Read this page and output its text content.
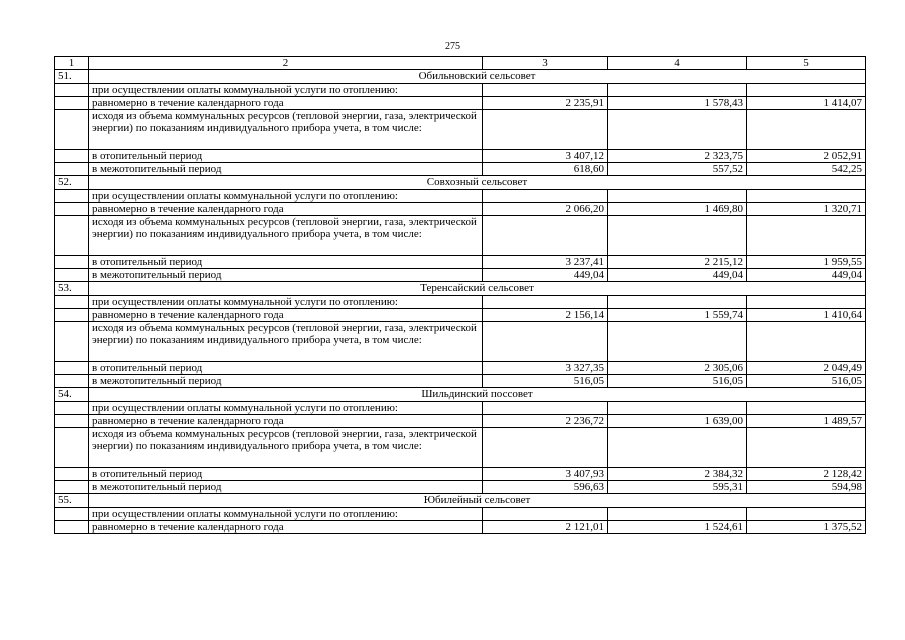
275
1	2	3	4	5
51.	Обильновский сельсовет			
	при осуществлении оплаты коммунальной услуги по отоплению:			
	равномерно в течение календарного года	2 235,91	1 578,43	1 414,07
	исходя из объема коммунальных ресурсов (тепловой энергии, газа, электрической энергии) по показаниям индивидуального прибора учета, в том числе:			
	в отопительный период	3 407,12	2 323,75	2 052,91
	в межотопительный период	618,60	557,52	542,25
52.	Совхозный сельсовет			
	при осуществлении оплаты коммунальной услуги по отоплению:			
	равномерно в течение календарного года	2 066,20	1 469,80	1 320,71
	исходя из объема коммунальных ресурсов (тепловой энергии, газа, электрической энергии) по показаниям индивидуального прибора учета, в том числе:			
	в отопительный период	3 237,41	2 215,12	1 959,55
	в межотопительный период	449,04	449,04	449,04
53.	Теренсайский сельсовет			
	при осуществлении оплаты коммунальной услуги по отоплению:			
	равномерно в течение календарного года	2 156,14	1 559,74	1 410,64
	исходя из объема коммунальных ресурсов (тепловой энергии, газа, электрической энергии) по показаниям индивидуального прибора учета, в том числе:			
	в отопительный период	3 327,35	2 305,06	2 049,49
	в межотопительный период	516,05	516,05	516,05
54.	Шильдинский поссовет			
	при осуществлении оплаты коммунальной услуги по отоплению:			
	равномерно в течение календарного года	2 236,72	1 639,00	1 489,57
	исходя из объема коммунальных ресурсов (тепловой энергии, газа, электрической энергии) по показаниям индивидуального прибора учета, в том числе:			
	в отопительный период	3 407,93	2 384,32	2 128,42
	в межотопительный период	596,63	595,31	594,98
55.	Юбилейный сельсовет			
	при осуществлении оплаты коммунальной услуги по отоплению:			
	равномерно в течение календарного года	2 121,01	1 524,61	1 375,52
